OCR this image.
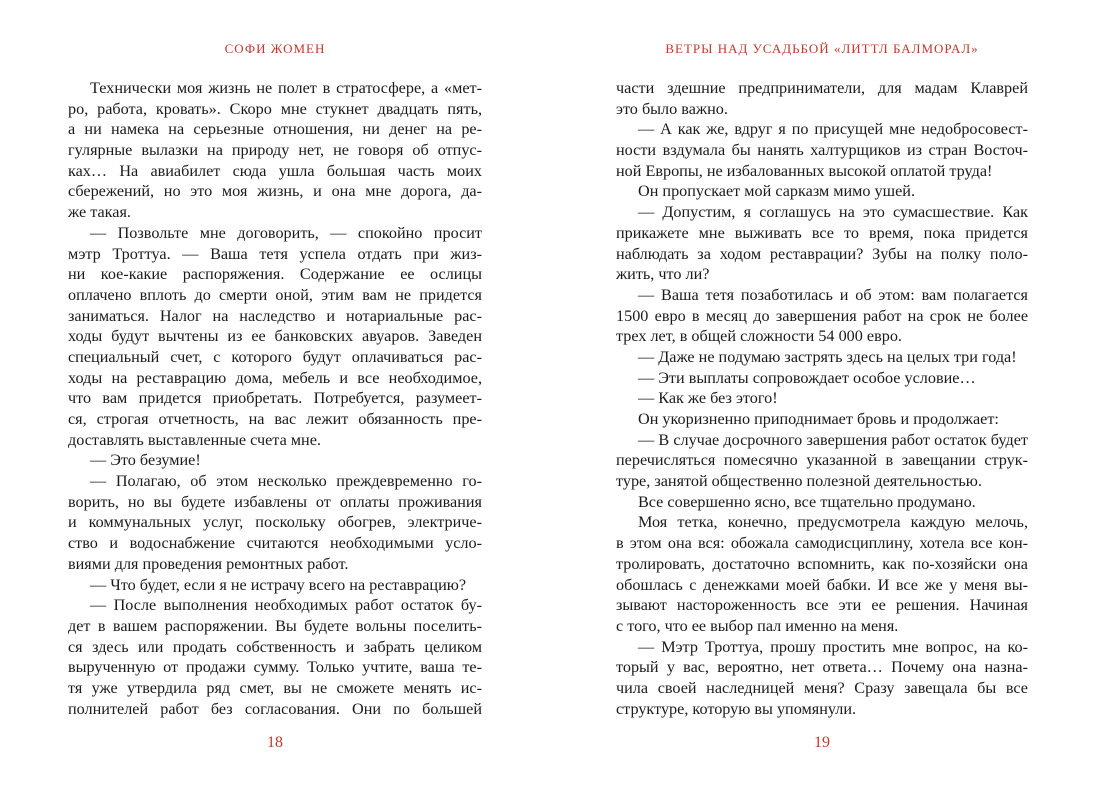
СОФИ ЖОМЕН
Технически моя жизнь не полет в стратосфере, а «мет-
ро, работа, кровать». Скоро мне стукнет двадцать пять,
а ни намека на серьезные отношения, ни денег на ре-
гулярные вылазки на природу нет, не говоря об отпус-
ках… На авиабилет сюда ушла большая часть моих
сбережений, но это моя жизнь, и она мне дорога, да-
же такая.
— Позвольте мне договорить, — спокойно просит
мэтр Троттуа. — Ваша тетя успела отдать при жиз-
ни кое-какие распоряжения. Содержание ее ослицы
оплачено вплоть до смерти оной, этим вам не придется
заниматься. Налог на наследство и нотариальные рас-
ходы будут вычтены из ее банковских авуаров. Заведен
специальный счет, с которого будут оплачиваться рас-
ходы на реставрацию дома, мебель и все необходимое,
что вам придется приобретать. Потребуется, разумеет-
ся, строгая отчетность, на вас лежит обязанность пре-
доставлять выставленные счета мне.
— Это безумие!
— Полагаю, об этом несколько преждевременно го-
ворить, но вы будете избавлены от оплаты проживания
и коммунальных услуг, поскольку обогрев, электриче-
ство и водоснабжение считаются необходимыми усло-
виями для проведения ремонтных работ.
— Что будет, если я не истрачу всего на реставрацию?
— После выполнения необходимых работ остаток бу-
дет в вашем распоряжении. Вы будете вольны поселить-
ся здесь или продать собственность и забрать целиком
вырученную от продажи сумму. Только учтите, ваша те-
тя уже утвердила ряд смет, вы не сможете менять ис-
полнителей работ без согласования. Они по большей
18
ВЕТРЫ НАД УСАДЬБОЙ «ЛИТТЛ БАЛМОРАЛ»
части здешние предприниматели, для мадам Клаврей
это было важно.
— А как же, вдруг я по присущей мне недобросовест-
ности вздумала бы нанять халтурщиков из стран Восточ-
ной Европы, не избалованных высокой оплатой труда!
Он пропускает мой сарказм мимо ушей.
— Допустим, я соглашусь на это сумасшествие. Как
прикажете мне выживать все то время, пока придется
наблюдать за ходом реставрации? Зубы на полку поло-
жить, что ли?
— Ваша тетя позаботилась и об этом: вам полагается
1500 евро в месяц до завершения работ на срок не более
трех лет, в общей сложности 54 000 евро.
— Даже не подумаю застрять здесь на целых три года!
— Эти выплаты сопровождает особое условие…
— Как же без этого!
Он укоризненно приподнимает бровь и продолжает:
— В случае досрочного завершения работ остаток будет
перечисляться помесячно указанной в завещании струк-
туре, занятой общественно полезной деятельностью.
Все совершенно ясно, все тщательно продумано.
Моя тетка, конечно, предусмотрела каждую мелочь,
в этом она вся: обожала самодисциплину, хотела все кон-
тролировать, достаточно вспомнить, как по-хозяйски она
обошлась с денежками моей бабки. И все же у меня вы-
зывают настороженность все эти ее решения. Начиная
с того, что ее выбор пал именно на меня.
— Мэтр Троттуа, прошу простить мне вопрос, на ко-
торый у вас, вероятно, нет ответа… Почему она назна-
чила своей наследницей меня? Сразу завещала бы все
структуре, которую вы упомянули.
19
